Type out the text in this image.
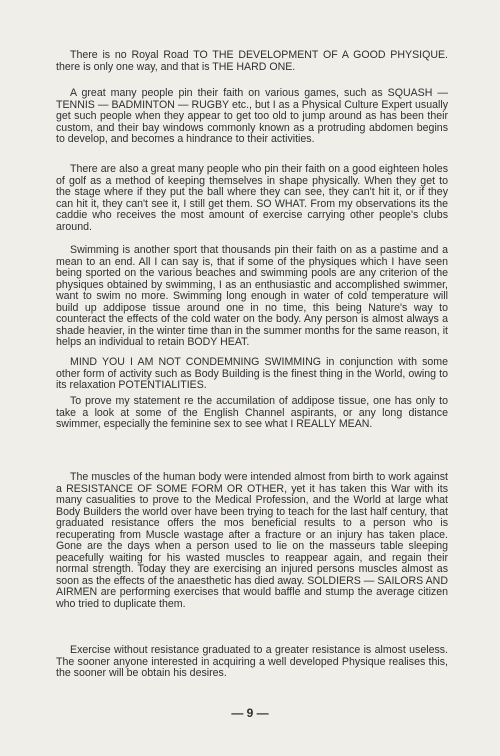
There is no Royal Road TO THE DEVELOPMENT OF A GOOD PHYSIQUE. there is only one way, and that is THE HARD ONE.

A great many people pin their faith on various games, such as SQUASH — TENNIS — BADMINTON — RUGBY etc., but I as a Physical Culture Expert usually get such people when they appear to get too old to jump around as has been their custom, and their bay windows commonly known as a protruding abdomen begins to develop, and becomes a hindrance to their activities.

There are also a great many people who pin their faith on a good eighteen holes of golf as a method of keeping themselves in shape physically. When they get to the stage where if they put the ball where they can see, they can't hit it, or if they can hit it, they can't see it, I still get them. SO WHAT. From my observations its the caddie who receives the most amount of exercise carrying other people's clubs around.

Swimming is another sport that thousands pin their faith on as a pastime and a mean to an end. All I can say is, that if some of the physiques which I have seen being sported on the various beaches and swimming pools are any criterion of the physiques obtained by swimming, I as an enthusiastic and accomplished swimmer, want to swim no more. Swimming long enough in water of cold temperature will build up addipose tissue around one in no time, this being Nature's way to counteract the effects of the cold water on the body. Any person is almost always a shade heavier, in the winter time than in the summer months for the same reason, it helps an individual to retain BODY HEAT.

MIND YOU I AM NOT CONDEMNING SWIMMING in conjunction with some other form of activity such as Body Building is the finest thing in the World, owing to its relaxation POTENTIALITIES.

To prove my statement re the accumilation of addipose tissue, one has only to take a look at some of the English Channel aspirants, or any long distance swimmer, especially the feminine sex to see what I REALLY MEAN.

The muscles of the human body were intended almost from birth to work against a RESISTANCE OF SOME FORM OR OTHER, yet it has taken this War with its many casualities to prove to the Medical Profession, and the World at large what Body Builders the world over have been trying to teach for the last half century, that graduated resistance offers the mos beneficial results to a person who is recuperating from Muscle wastage after a fracture or an injury has taken place. Gone are the days when a person used to lie on the masseurs table sleeping peacefully waiting for his wasted muscles to reappear again, and regain their normal strength. Today they are exercising an injured persons muscles almost as soon as the effects of the anaesthetic has died away. SOLDIERS — SAILORS AND AIRMEN are performing exercises that would baffle and stump the average citizen who tried to duplicate them.

Exercise without resistance graduated to a greater resistance is almost useless. The sooner anyone interested in acquiring a well developed Physique realises this, the sooner will be obtain his desires.

— 9 —
